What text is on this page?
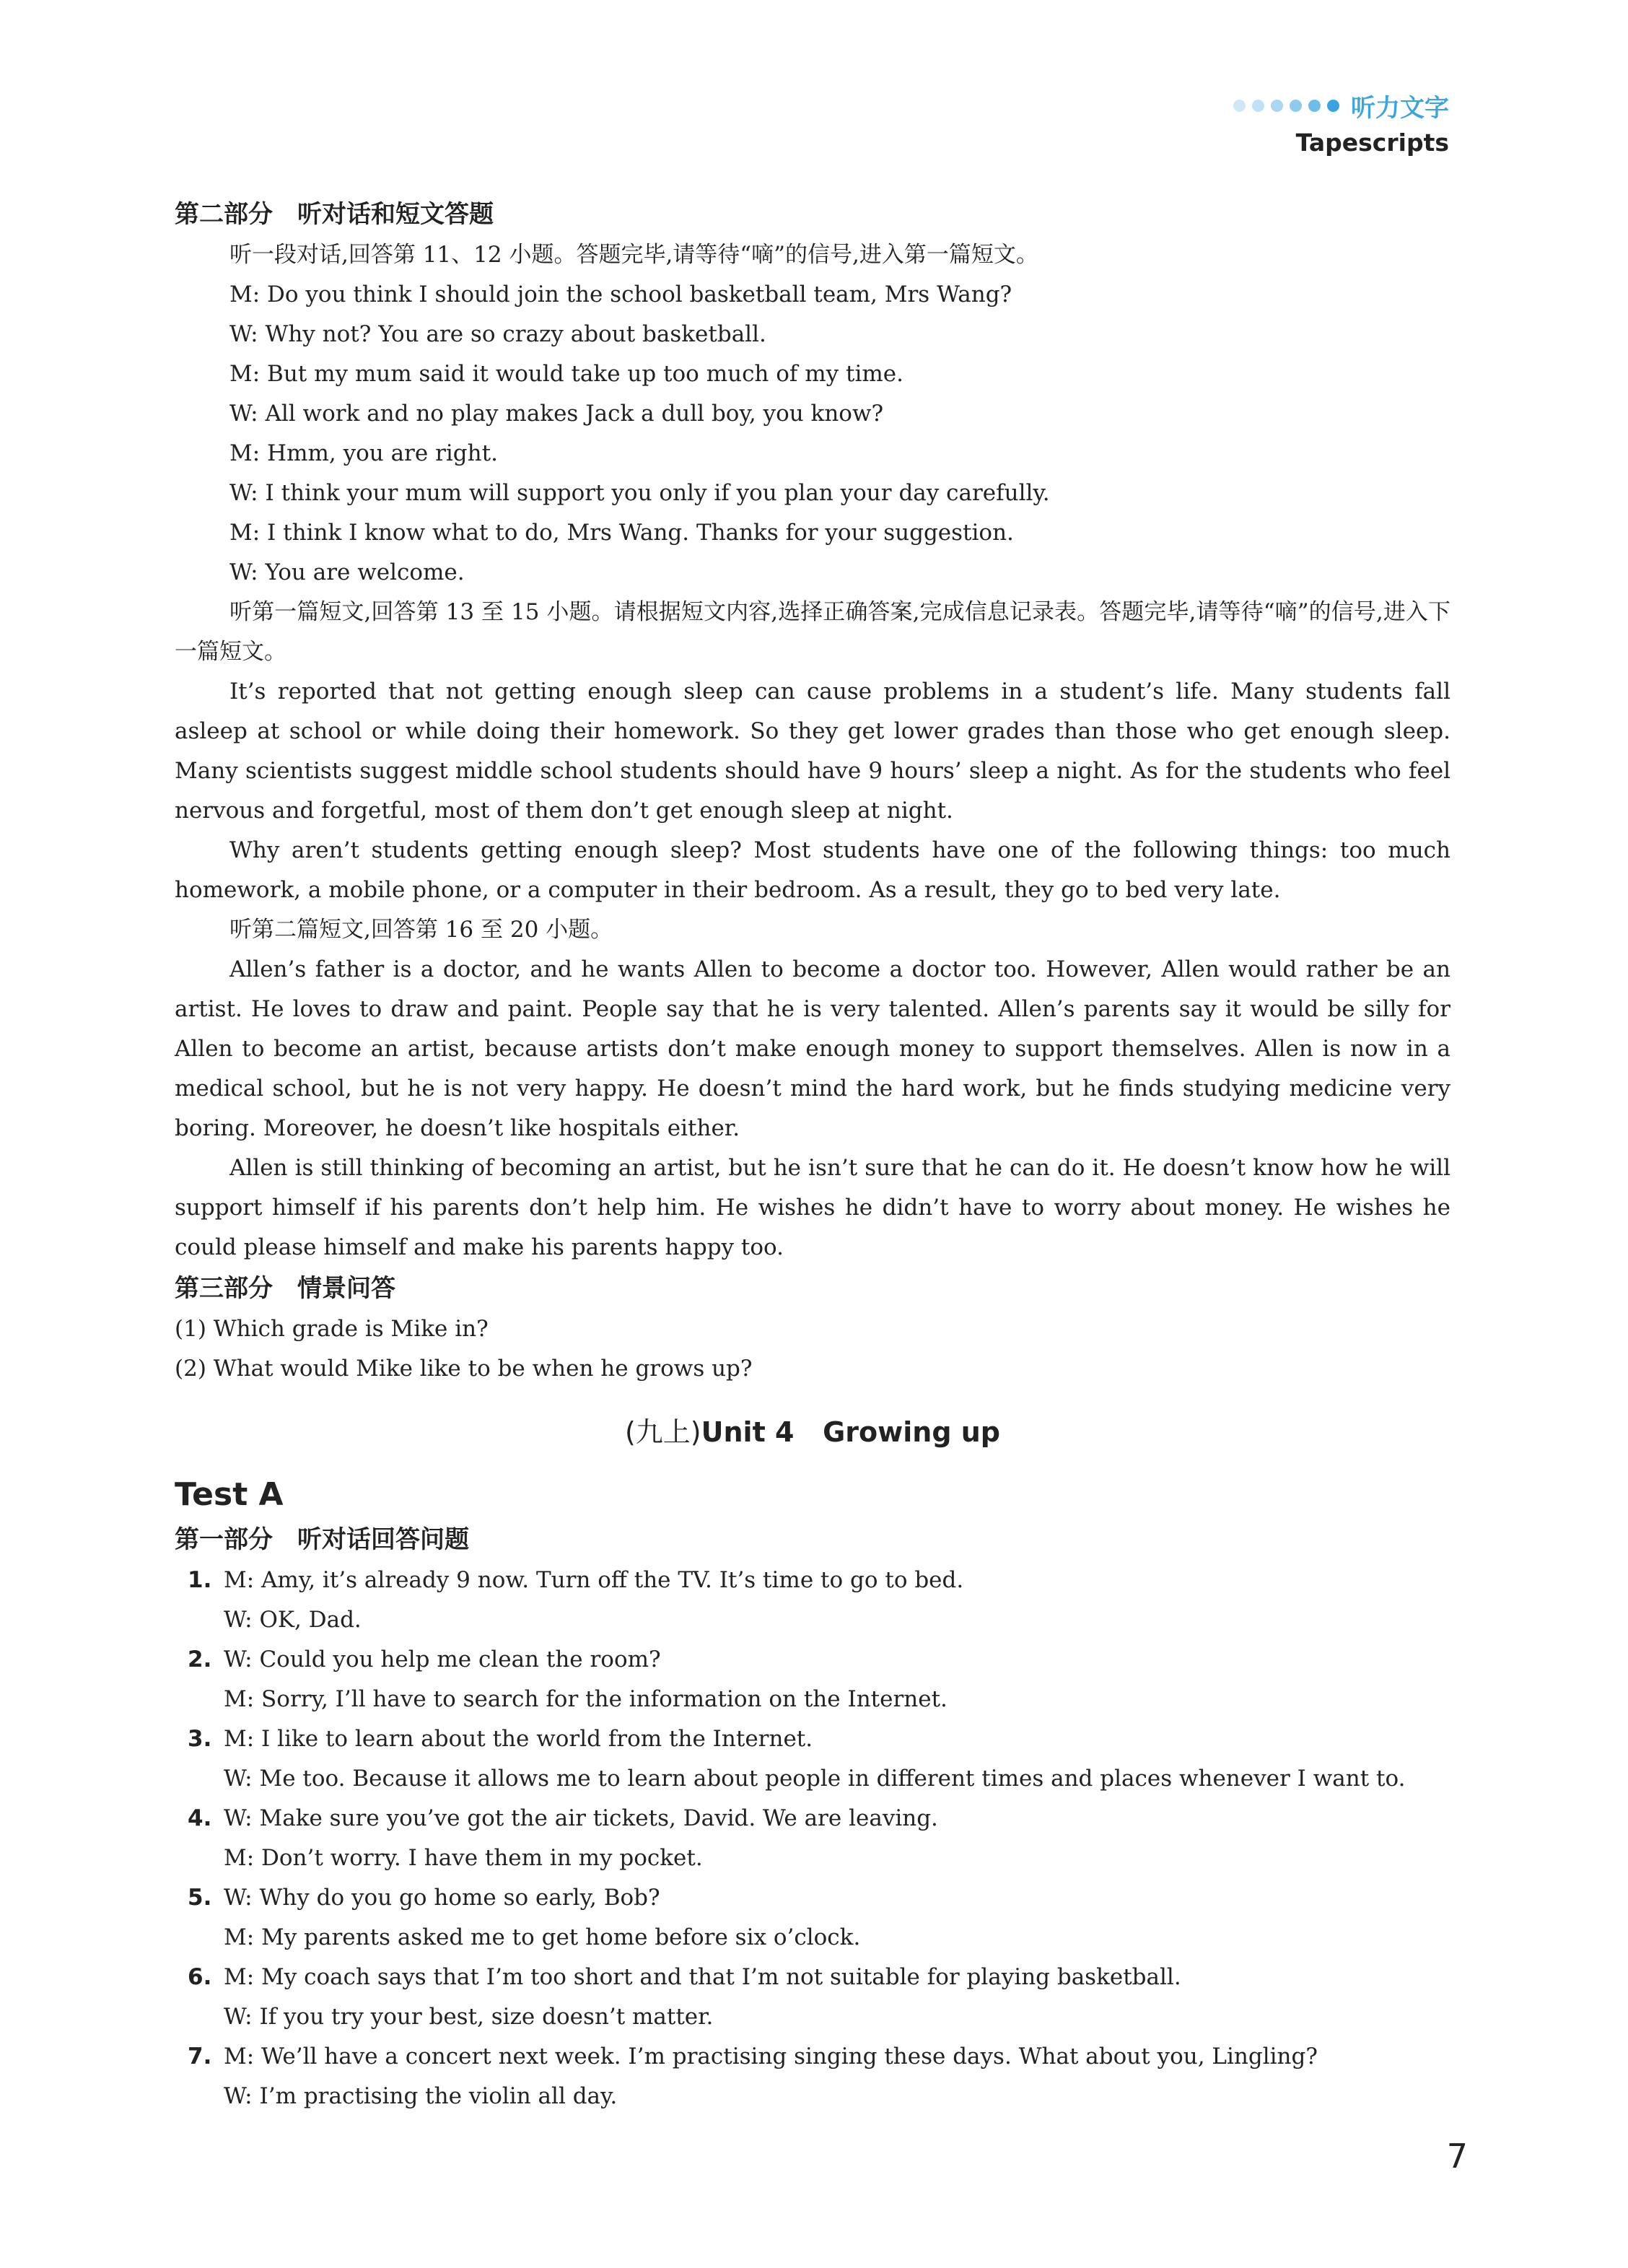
听力文字
Tapescripts
第二部分　听对话和短文答题
听一段对话,回答第 11、12 小题。答题完毕,请等待“嘀”的信号,进入第一篇短文。
M: Do you think I should join the school basketball team, Mrs Wang?
W: Why not? You are so crazy about basketball.
M: But my mum said it would take up too much of my time.
W: All work and no play makes Jack a dull boy, you know?
M: Hmm, you are right.
W: I think your mum will support you only if you plan your day carefully.
M: I think I know what to do, Mrs Wang. Thanks for your suggestion.
W: You are welcome.
听第一篇短文,回答第 13 至 15 小题。请根据短文内容,选择正确答案,完成信息记录表。答题完毕,请等待“嘀”的信号,进入下一篇短文。
It’s reported that not getting enough sleep can cause problems in a student’s life. Many students fall asleep at school or while doing their homework. So they get lower grades than those who get enough sleep. Many scientists suggest middle school students should have 9 hours’ sleep a night. As for the students who feel nervous and forgetful, most of them don’t get enough sleep at night.
Why aren’t students getting enough sleep? Most students have one of the following things: too much homework, a mobile phone, or a computer in their bedroom. As a result, they go to bed very late.
听第二篇短文,回答第 16 至 20 小题。
Allen’s father is a doctor, and he wants Allen to become a doctor too. However, Allen would rather be an artist. He loves to draw and paint. People say that he is very talented. Allen’s parents say it would be silly for Allen to become an artist, because artists don’t make enough money to support themselves. Allen is now in a medical school, but he is not very happy. He doesn’t mind the hard work, but he finds studying medicine very boring. Moreover, he doesn’t like hospitals either.
Allen is still thinking of becoming an artist, but he isn’t sure that he can do it. He doesn’t know how he will support himself if his parents don’t help him. He wishes he didn’t have to worry about money. He wishes he could please himself and make his parents happy too.
第三部分　情景问答
(1) Which grade is Mike in?
(2) What would Mike like to be when he grows up?
(九上)Unit 4   Growing up
Test A
第一部分　听对话回答问题
1. M: Amy, it’s already 9 now. Turn off the TV. It’s time to go to bed.
W: OK, Dad.
2. W: Could you help me clean the room?
M: Sorry, I’ll have to search for the information on the Internet.
3. M: I like to learn about the world from the Internet.
W: Me too. Because it allows me to learn about people in different times and places whenever I want to.
4. W: Make sure you’ve got the air tickets, David. We are leaving.
M: Don’t worry. I have them in my pocket.
5. W: Why do you go home so early, Bob?
M: My parents asked me to get home before six o’clock.
6. M: My coach says that I’m too short and that I’m not suitable for playing basketball.
W: If you try your best, size doesn’t matter.
7. M: We’ll have a concert next week. I’m practising singing these days. What about you, Lingling?
W: I’m practising the violin all day.
7
